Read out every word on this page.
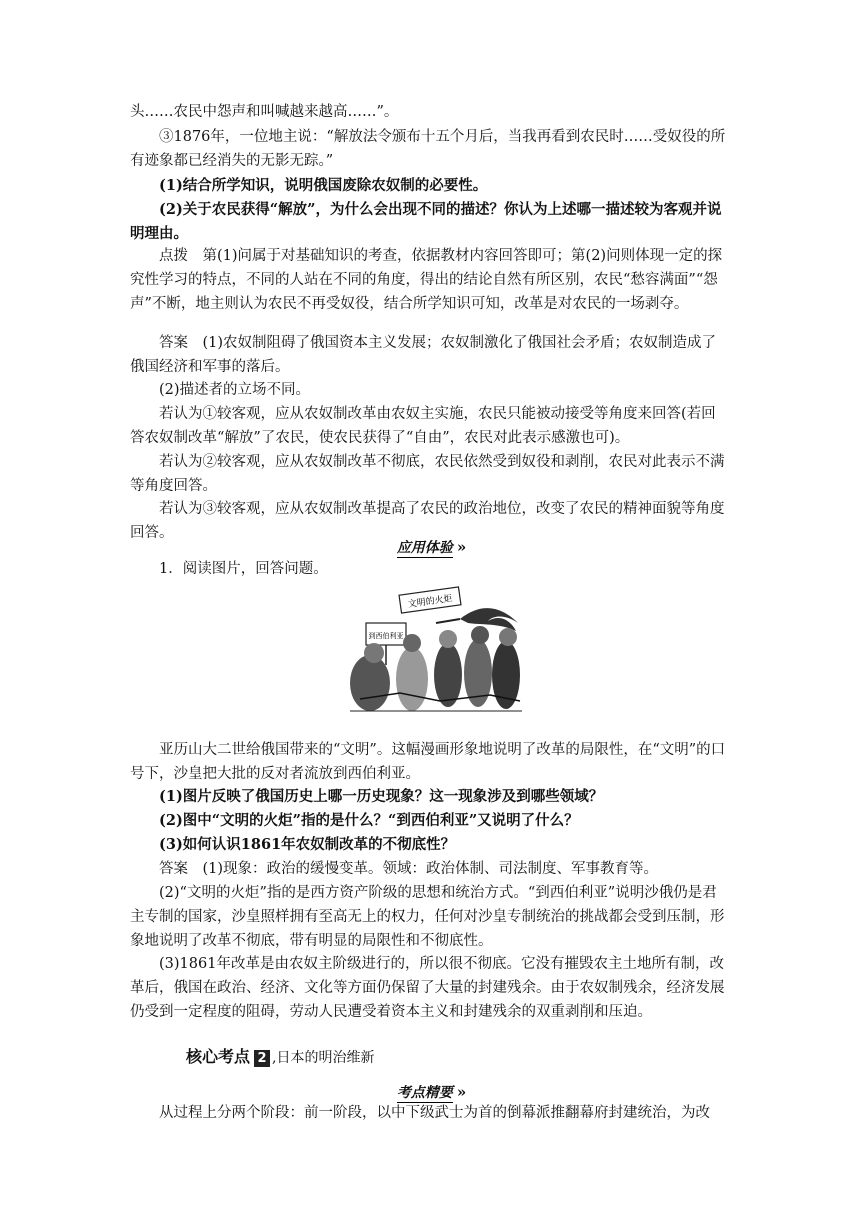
头……农民中怨声和叫喊越来越高……”。

③1876年，一位地主说：“解放法令颁布十五个月后，当我再看到农民时……受奴役的所有迹象都已经消失的无影无踪。”

(1)结合所学知识，说明俄国废除农奴制的必要性。

(2)关于农民获得“解放”，为什么会出现不同的描述？你认为上述哪一描述较为客观并说明理由。

点拨　第(1)问属于对基础知识的考查，依据教材内容回答即可；第(2)问则体现一定的探究性学习的特点，不同的人站在不同的角度，得出的结论自然有所区别，农民“愁容满面”“怨声”不断，地主则认为农民不再受奴役，结合所学知识可知，改革是对农民的一场剥夺。

答案　(1)农奴制阻碍了俄国资本主义发展；农奴制激化了俄国社会矛盾；农奴制造成了俄国经济和军事的落后。

(2)描述者的立场不同。

若认为①较客观，应从农奴制改革由农奴主实施，农民只能被动接受等角度来回答(若回答农奴制改革“解放”了农民，使农民获得了“自由”，农民对此表示感激也可)。

若认为②较客观，应从农奴制改革不彻底，农民依然受到奴役和剥削，农民对此表示不满等角度回答。

若认为③较客观，应从农奴制改革提高了农民的政治地位，改变了农民的精神面貌等角度回答。

应用体验 »

1．阅读图片，回答问题。

文明的火炬
到西伯利亚

亚历山大二世给俄国带来的“文明”。这幅漫画形象地说明了改革的局限性，在“文明”的口号下，沙皇把大批的反对者流放到西伯利亚。

(1)图片反映了俄国历史上哪一历史现象？这一现象涉及到哪些领域？

(2)图中“文明的火炬”指的是什么？“到西伯利亚”又说明了什么？

(3)如何认识1861年农奴制改革的不彻底性？

答案　(1)现象：政治的缓慢变革。领域：政治体制、司法制度、军事教育等。

(2)“文明的火炬”指的是西方资产阶级的思想和统治方式。“到西伯利亚”说明沙俄仍是君主专制的国家，沙皇照样拥有至高无上的权力，任何对沙皇专制统治的挑战都会受到压制，形象地说明了改革不彻底，带有明显的局限性和不彻底性。

(3)1861年改革是由农奴主阶级进行的，所以很不彻底。它没有摧毁农主土地所有制，改革后，俄国在政治、经济、文化等方面仍保留了大量的封建残余。由于农奴制残余，经济发展仍受到一定程度的阻碍，劳动人民遭受着资本主义和封建残余的双重剥削和压迫。

核心考点 2 ,日本的明治维新
考点精要 »

从过程上分两个阶段：前一阶段，以中下级武士为首的倒幕派推翻幕府封建统治，为改
